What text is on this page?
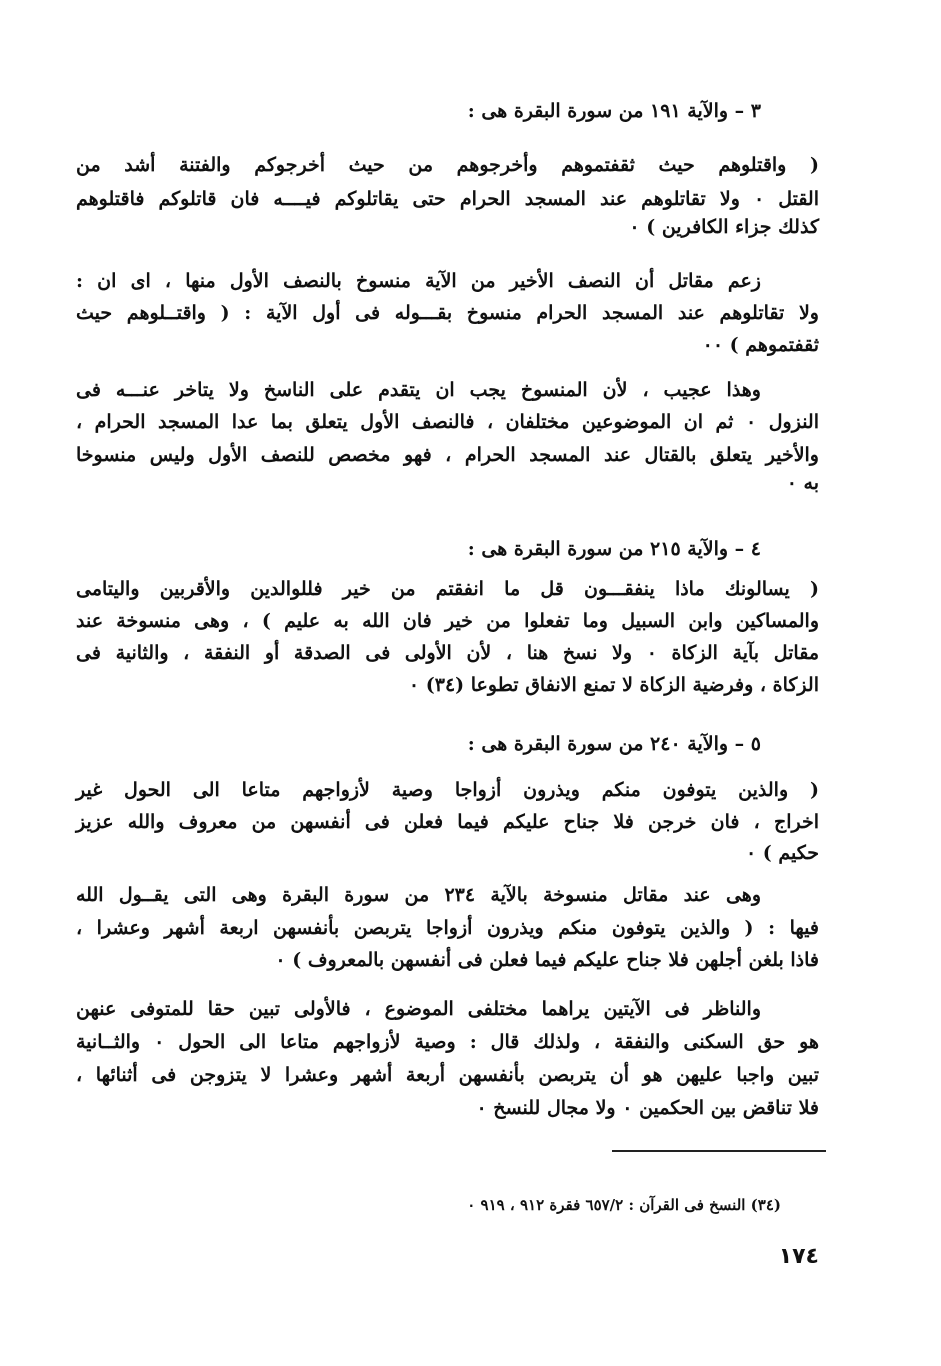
٣ – والآية ١٩١ من سورة البقرة هى :
( واقتلوهم حيث ثقفتموهم وأخرجوهم من حيث أخرجوكم والفتنة أشد من
القتل ٠ ولا تقاتلوهم عند المسجد الحرام حتى يقاتلوكم فيــــه فان قاتلوكم فاقتلوهم
كذلك جزاء الكافرين ) ٠
زعم مقاتل أن النصف الأخير من الآية منسوخ بالنصف الأول منها ، اى ان :
ولا تقاتلوهم عند المسجد الحرام منسوخ بقـــوله فى أول الآية : ( واقتــلوهم حيث
ثقفتموهم ) ٠٠
وهذا عجيب ، لأن المنسوخ يجب ان يتقدم على الناسخ ولا يتاخر عنـــه فى
النزول ٠ ثم ان الموضوعين مختلفان ، فالنصف الأول يتعلق بما عدا المسجد الحرام ،
والأخير يتعلق بالقتال عند المسجد الحرام ، فهو مخصص للنصف الأول وليس منسوخا
به ٠
٤ – والآية ٢١٥ من سورة البقرة هى :
( يسالونك ماذا ينفقـــون قل ما انفقتم من خير فللوالدين والأقربين واليتامى
والمساكين وابن السبيل وما تفعلوا من خير فان الله به عليم ) ، وهى منسوخة عند
مقاتل بآية الزكاة ٠ ولا نسخ هنا ، لأن الأولى فى الصدقة أو النفقة ، والثانية فى
الزكاة ، وفرضية الزكاة لا تمنع الانفاق تطوعا (٣٤) ٠
٥ – والآية ٢٤٠ من سورة البقرة هى :
( والذين يتوفون منكم ويذرون أزواجا وصية لأزواجهم متاعا الى الحول غير
اخراج ، فان خرجن فلا جناح عليكم فيما فعلن فى أنفسهن من معروف والله عزيز
حكيم ) ٠
وهى عند مقاتل منسوخة بالآية ٢٣٤ من سورة البقرة وهى التى يقــول الله
فيها : ( والذين يتوفون منكم ويذرون أزواجا يتربصن بأنفسهن اربعة أشهر وعشرا ،
فاذا بلغن أجلهن فلا جناح عليكم فيما فعلن فى أنفسهن بالمعروف ) ٠
والناظر فى الآيتين يراهما مختلفى الموضوع ، فالأولى تبين حقا للمتوفى عنهن
هو حق السكنى والنفقة ، ولذلك قال : وصية لأزواجهم متاعا الى الحول ٠ والثــانية
تبين واجبا عليهن هو أن يتربصن بأنفسهن أربعة أشهر وعشرا لا يتزوجن فى أثنائها ،
فلا تناقض بين الحكمين ٠ ولا مجال للنسخ ٠
(٣٤) النسخ فى القرآن : ٦٥٧/٢ فقرة ٩١٢ ، ٩١٩ ٠
١٧٤
